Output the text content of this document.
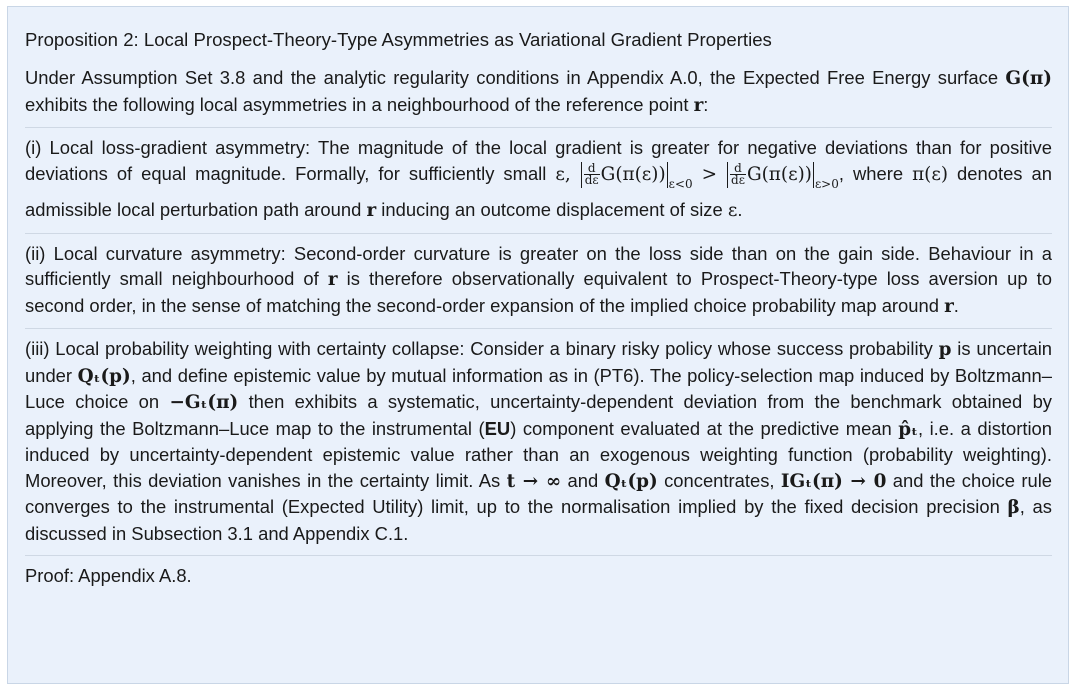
Proposition 2: Local Prospect-Theory-Type Asymmetries as Variational Gradient Properties

Under Assumption Set 3.8 and the analytic regularity conditions in Appendix A.0, the Expected Free Energy surface G(π) exhibits the following local asymmetries in a neighbourhood of the reference point r:

(i) Local loss-gradient asymmetry: The magnitude of the local gradient is greater for negative deviations than for positive deviations of equal magnitude. Formally, for sufficiently small ε, $\frac{d}{d\varepsilon} G(\pi(\varepsilon)) _{\varepsilon<0} > \frac{d}{d\varepsilon} G(\pi(\varepsilon))$ $_{\varepsilon>0}$, where π(ε) denotes an admissible local perturbation path around r inducing an outcome displacement of size ε.

(ii) Local curvature asymmetry: Second-order curvature is greater on the loss side than on the gain side. Behaviour in a sufficiently small neighbourhood of r is therefore observationally equivalent to Prospect-Theory-type loss aversion up to second order, in the sense of matching the second-order expansion of the implied choice probability map around r.

(iii) Local probability weighting with certainty collapse: Consider a binary risky policy whose success probability p is uncertain under Qₜ(p), and define epistemic value by mutual information as in (PT6). The policy-selection map induced by Boltzmann–Luce choice on −Gₜ(π) then exhibits a systematic, uncertainty-dependent deviation from the benchmark obtained by applying the Boltzmann–Luce map to the instrumental (EU) component evaluated at the predictive mean p̂ₜ, i.e. a distortion induced by uncertainty-dependent epistemic value rather than an exogenous weighting function (probability weighting). Moreover, this deviation vanishes in the certainty limit. As t → ∞ and Qₜ(p) concentrates, IGₜ(π) → 0 and the choice rule converges to the instrumental (Expected Utility) limit, up to the normalisation implied by the fixed decision precision β, as discussed in Subsection 3.1 and Appendix C.1.

Proof: Appendix A.8.
